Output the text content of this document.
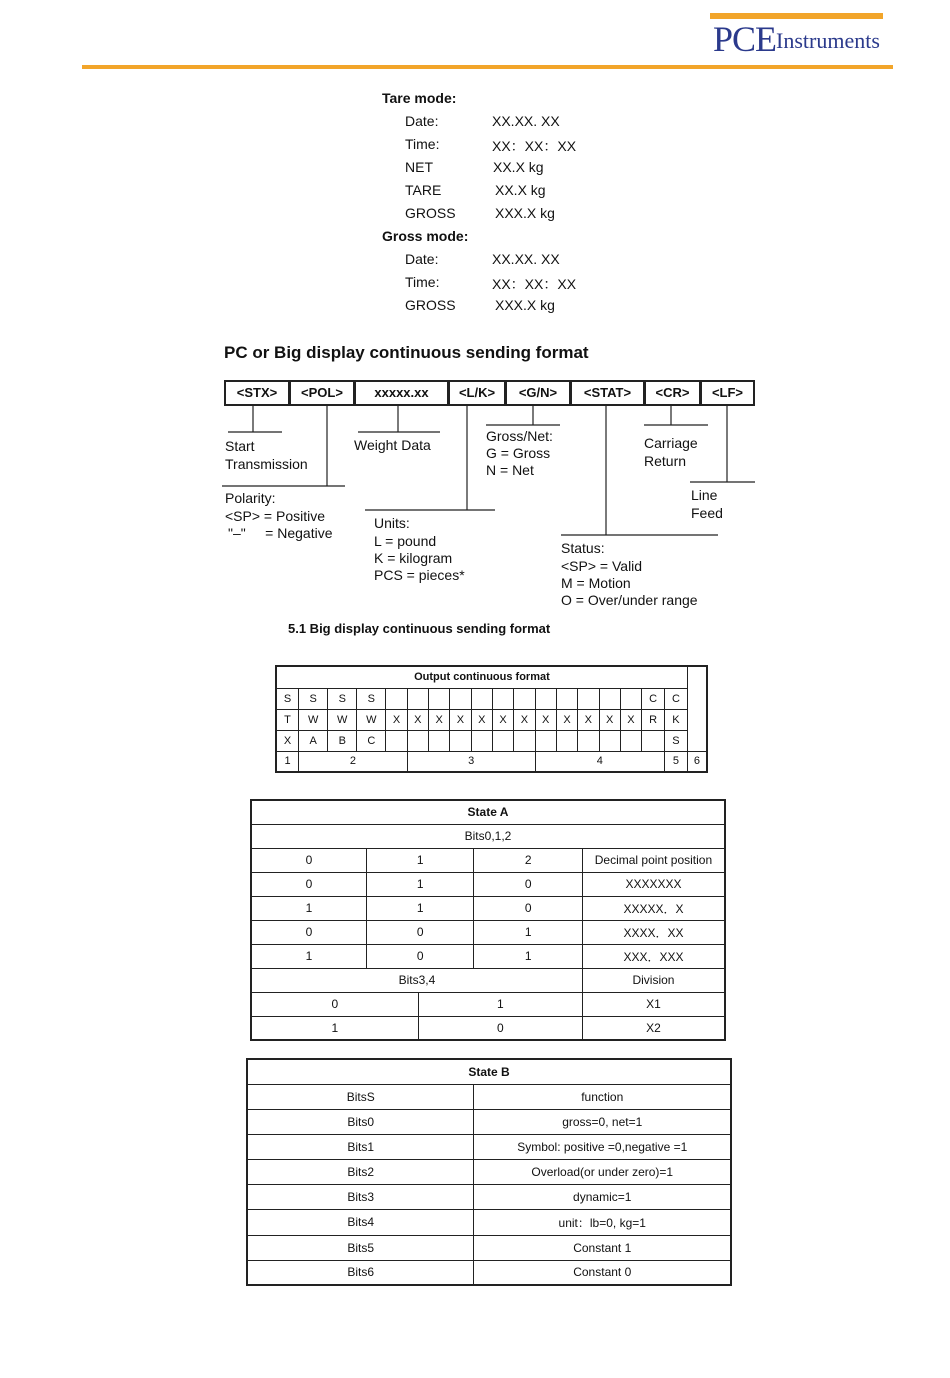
PCE Instruments
Tare mode:
Date:	XX.XX. XX
Time:	XX：XX：XX
NET	XX.X kg
TARE	XX.X kg
GROSS	XXX.X kg
Gross mode:
Date:	XX.XX. XX
Time:	XX：XX：XX
GROSS	XXX.X kg
PC or Big display continuous sending format
<STX>	<POL>	xxxxx.xx	<L/K>	<G/N>	<STAT>	<CR>	<LF>
Start
Transmission
Weight Data
Gross/Net:
G = Gross
N = Net
Carriage
Return
Polarity:
<SP> = Positive
"–"     = Negative
Units:
L = pound
K = kilogram
PCS = pieces*
Line
Feed
Status:
<SP> = Valid
M = Motion
O = Over/under range
5.1 Big display continuous sending format
Output continuous format																		
S	S	S	S													C	C	
T	W	W	W	X	X	X	X	X	X	X	X	X	X	X	X	R	K	
X	A	B	C														S	
1	2				3						4						5	6
State A				
Bits0,1,2				
0	1		2	Decimal point position
0	1		0	XXXXXXX
1	1		0	XXXXX．X
0	0		1	XXXX．XX
1	0		1	XXX．XXX
Bits3,4				Division
0		1		X1
1		0		X2
State B	
BitsS	function
Bits0	gross=0, net=1
Bits1	Symbol: positive =0,negative =1
Bits2	Overload(or under zero)=1
Bits3	dynamic=1
Bits4	unit：lb=0, kg=1
Bits5	Constant 1
Bits6	Constant 0
